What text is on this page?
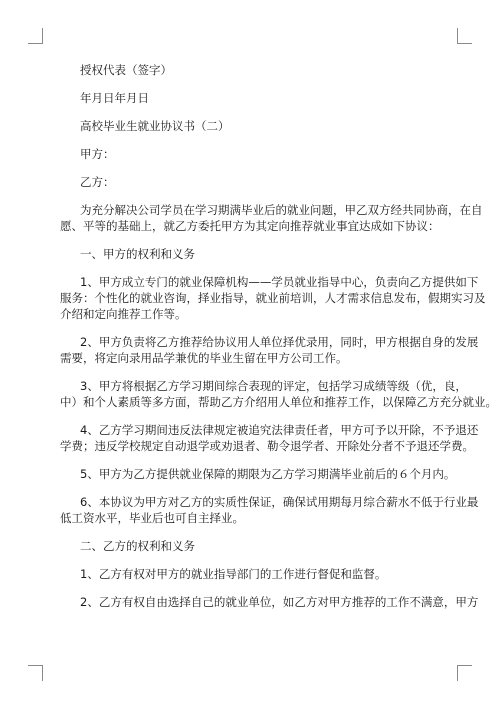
授权代表（签字）

年月日年月日

高校毕业生就业协议书（二）

甲方：

乙方：

为充分解决公司学员在学习期满毕业后的就业问题，甲乙双方经共同协商，在自

愿、平等的基础上，就乙方委托甲方为其定向推荐就业事宜达成如下协议：

一、甲方的权利和义务

1、甲方成立专门的就业保障机构——学员就业指导中心，负责向乙方提供如下

服务：个性化的就业咨询，择业指导，就业前培训，人才需求信息发布，假期实习及

介绍和定向推荐工作等。

2、甲方负责将乙方推荐给协议用人单位择优录用，同时，甲方根据自身的发展

需要，将定向录用品学兼优的毕业生留在甲方公司工作。

3、甲方将根据乙方学习期间综合表现的评定，包括学习成绩等级（优，良，

中）和个人素质等多方面，帮助乙方介绍用人单位和推荐工作，以保障乙方充分就业。

4、乙方学习期间违反法律规定被追究法律责任者，甲方可予以开除，不予退还

学费；违反学校规定自动退学或劝退者、勒令退学者、开除处分者不予退还学费。

5、甲方为乙方提供就业保障的期限为乙方学习期满毕业前后的６个月内。

6、本协议为甲方对乙方的实质性保证，确保试用期每月综合薪水不低于行业最

低工资水平，毕业后也可自主择业。

二、乙方的权利和义务

1、乙方有权对甲方的就业指导部门的工作进行督促和监督。

2、乙方有权自由选择自己的就业单位，如乙方对甲方推荐的工作不满意，甲方
